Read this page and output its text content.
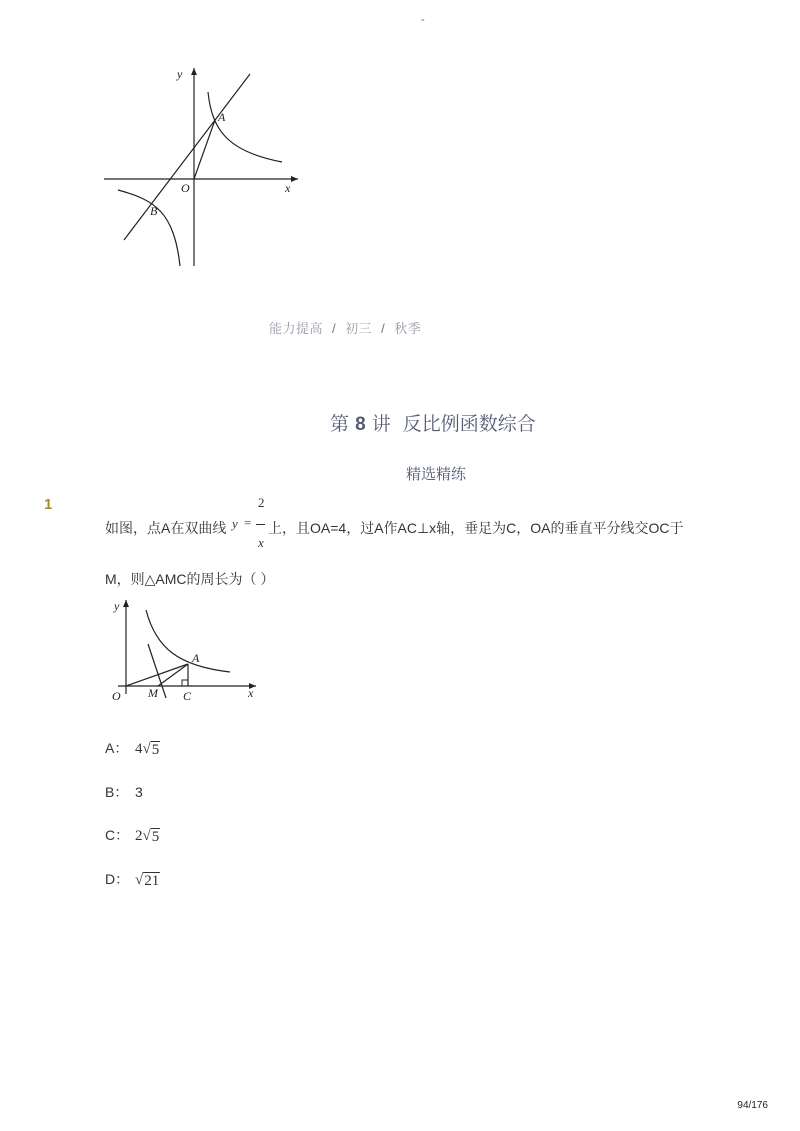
-
y
x
O
A
B
能力提高 / 初三 / 秋季
第 8 讲 反比例函数综合
精选精练
1
如图，点A在双曲线 y =
2
x
上，且OA=4，过A作AC⊥x轴，垂足为C，OA的垂直平分线交OC于
M，则△AMC的周长为（ ）
y
x
O M C
A
A： 4 √ 5
B： 3
C： 2 √ 5
D： √ 21
94/176
